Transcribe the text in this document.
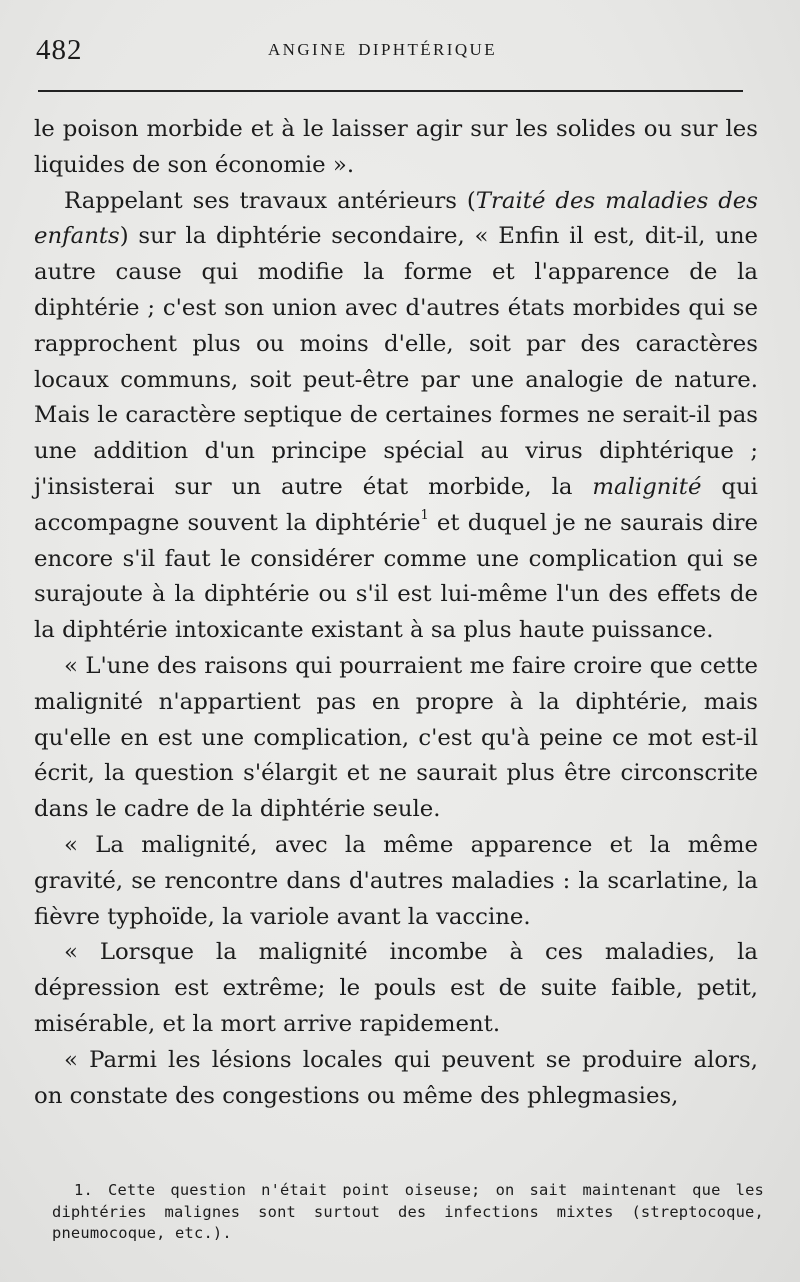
482	ANGINE DIPHTÉRIQUE

le poison morbide et à le laisser agir sur les solides ou sur les liquides de son économie ».

Rappelant ses travaux antérieurs (Traité des maladies des enfants) sur la diphtérie secondaire, « Enfin il est, dit-il, une autre cause qui modifie la forme et l'apparence de la diphtérie ; c'est son union avec d'autres états morbides qui se rapprochent plus ou moins d'elle, soit par des caractères locaux communs, soit peut-être par une analogie de nature. Mais le caractère septique de certaines formes ne serait-il pas une addition d'un principe spécial au virus diphtérique ; j'insisterai sur un autre état morbide, la malignité qui accompagne souvent la diphtérie$^1$ et duquel je ne saurais dire encore s'il faut le considérer comme une complication qui se surajoute à la diphtérie ou s'il est lui-même l'un des effets de la diphtérie intoxicante existant à sa plus haute puissance.

« L'une des raisons qui pourraient me faire croire que cette malignité n'appartient pas en propre à la diphtérie, mais qu'elle en est une complication, c'est qu'à peine ce mot est-il écrit, la question s'élargit et ne saurait plus être circonscrite dans le cadre de la diphtérie seule.

« La malignité, avec la même apparence et la même gravité, se rencontre dans d'autres maladies : la scarlatine, la fièvre typhoïde, la variole avant la vaccine.

« Lorsque la malignité incombe à ces maladies, la dépression est extrême; le pouls est de suite faible, petit, misérable, et la mort arrive rapidement.

« Parmi les lésions locales qui peuvent se produire alors, on constate des congestions ou même des phlegmasies,

1. Cette question n'était point oiseuse; on sait maintenant que les diphtéries malignes sont surtout des infections mixtes (streptocoque, pneumocoque, etc.).
